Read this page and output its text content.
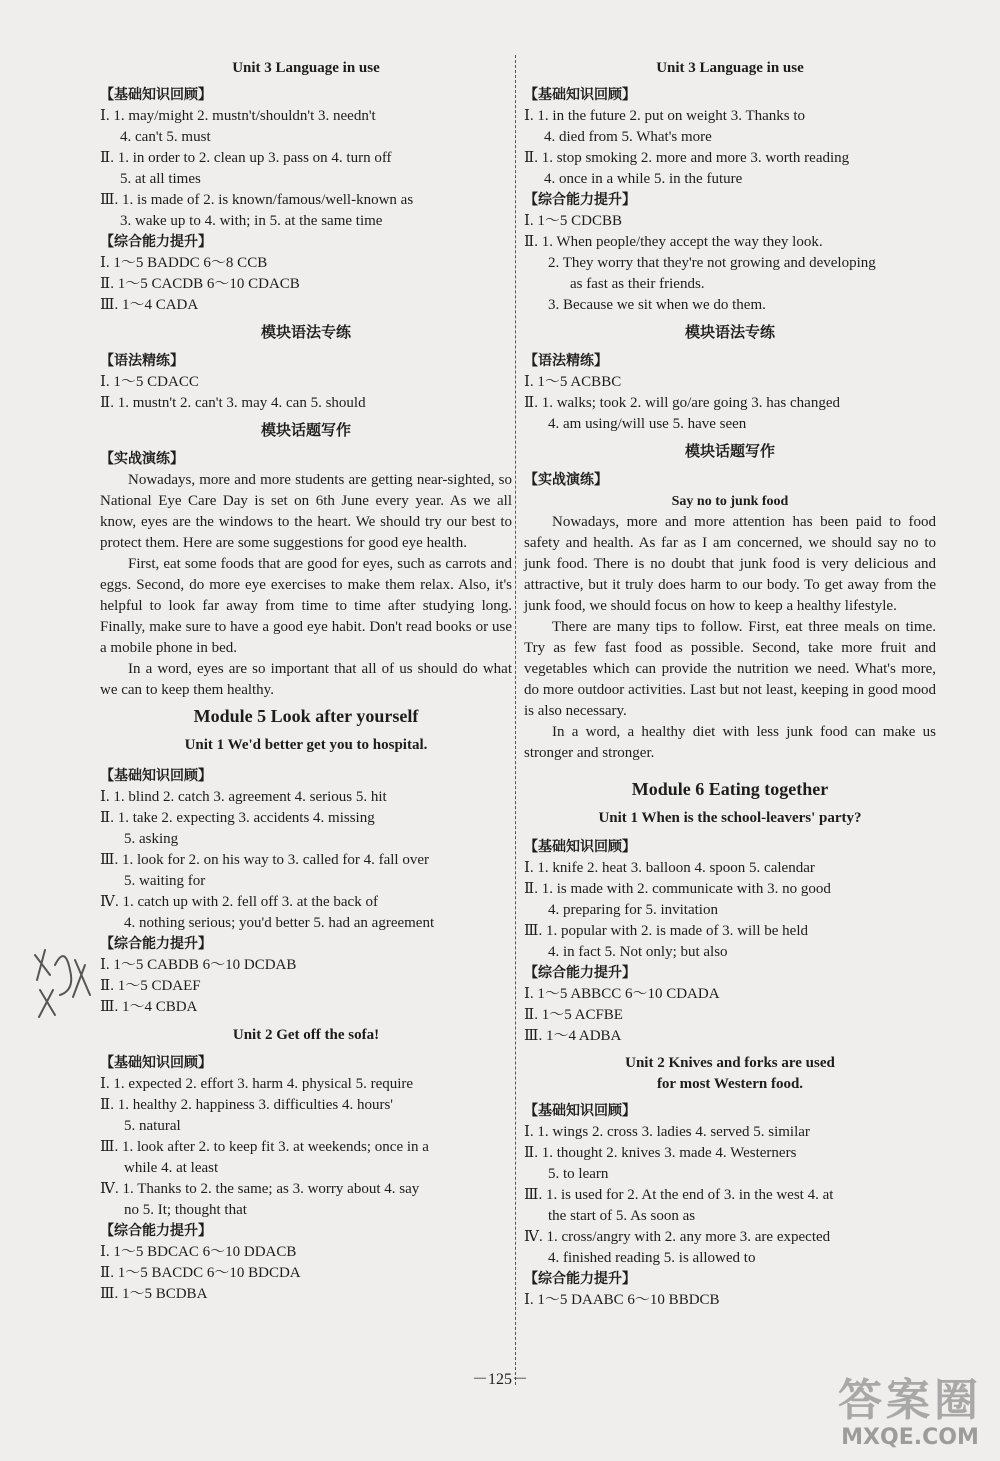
Unit 3 Language in use

【基础知识回顾】

Ⅰ. 1. may/might 2. mustn't/shouldn't 3. needn't

4. can't 5. must

Ⅱ. 1. in order to 2. clean up 3. pass on 4. turn off

5. at all times

Ⅲ. 1. is made of 2. is known/famous/well-known as

3. wake up to 4. with; in 5. at the same time

【综合能力提升】

Ⅰ. 1～5 BADDC 6～8 CCB

Ⅱ. 1～5 CACDB 6～10 CDACB

Ⅲ. 1～4 CADA

模块语法专练

【语法精练】

Ⅰ. 1～5 CDACC

Ⅱ. 1. mustn't 2. can't 3. may 4. can 5. should

模块话题写作

【实战演练】

Nowadays, more and more students are getting near-sighted, so National Eye Care Day is set on 6th June every year. As we all know, eyes are the windows to the heart. We should try our best to protect them. Here are some suggestions for good eye health.

First, eat some foods that are good for eyes, such as carrots and eggs. Second, do more eye exercises to make them relax. Also, it's helpful to look far away from time to time after studying long. Finally, make sure to have a good eye habit. Don't read books or use a mobile phone in bed.

In a word, eyes are so important that all of us should do what we can to keep them healthy.

Module 5 Look after yourself

Unit 1 We'd better get you to hospital.

【基础知识回顾】

Ⅰ. 1. blind 2. catch 3. agreement 4. serious 5. hit

Ⅱ. 1. take 2. expecting 3. accidents 4. missing

5. asking

Ⅲ. 1. look for 2. on his way to 3. called for 4. fall over

5. waiting for

Ⅳ. 1. catch up with 2. fell off 3. at the back of

4. nothing serious; you'd better 5. had an agreement

【综合能力提升】

Ⅰ. 1～5 CABDB 6～10 DCDAB

Ⅱ. 1～5 CDAEF

Ⅲ. 1～4 CBDA

Unit 2 Get off the sofa!

【基础知识回顾】

Ⅰ. 1. expected 2. effort 3. harm 4. physical 5. require

Ⅱ. 1. healthy 2. happiness 3. difficulties 4. hours'

5. natural

Ⅲ. 1. look after 2. to keep fit 3. at weekends; once in a

while 4. at least

Ⅳ. 1. Thanks to 2. the same; as 3. worry about 4. say

no 5. It; thought that

【综合能力提升】

Ⅰ. 1～5 BDCAC 6～10 DDACB

Ⅱ. 1～5 BACDC 6～10 BDCDA

Ⅲ. 1～5 BCDBA

Unit 3 Language in use

【基础知识回顾】

Ⅰ. 1. in the future 2. put on weight 3. Thanks to

4. died from 5. What's more

Ⅱ. 1. stop smoking 2. more and more 3. worth reading

4. once in a while 5. in the future

【综合能力提升】

Ⅰ. 1～5 CDCBB

Ⅱ. 1. When people/they accept the way they look.

2. They worry that they're not growing and developing

as fast as their friends.

3. Because we sit when we do them.

模块语法专练

【语法精练】

Ⅰ. 1～5 ACBBC

Ⅱ. 1. walks; took 2. will go/are going 3. has changed

4. am using/will use 5. have seen

模块话题写作

【实战演练】

Say no to junk food

Nowadays, more and more attention has been paid to food safety and health. As far as I am concerned, we should say no to junk food. There is no doubt that junk food is very delicious and attractive, but it truly does harm to our body. To get away from the junk food, we should focus on how to keep a healthy lifestyle.

There are many tips to follow. First, eat three meals on time. Try as few fast food as possible. Second, take more fruit and vegetables which can provide the nutrition we need. What's more, do more outdoor activities. Last but not least, keeping in good mood is also necessary.

In a word, a healthy diet with less junk food can make us stronger and stronger.

Module 6 Eating together

Unit 1 When is the school-leavers' party?

【基础知识回顾】

Ⅰ. 1. knife 2. heat 3. balloon 4. spoon 5. calendar

Ⅱ. 1. is made with 2. communicate with 3. no good

4. preparing for 5. invitation

Ⅲ. 1. popular with 2. is made of 3. will be held

4. in fact 5. Not only; but also

【综合能力提升】

Ⅰ. 1～5 ABBCC 6～10 CDADA

Ⅱ. 1～5 ACFBE

Ⅲ. 1～4 ADBA

Unit 2 Knives and forks are used

for most Western food.

【基础知识回顾】

Ⅰ. 1. wings 2. cross 3. ladies 4. served 5. similar

Ⅱ. 1. thought 2. knives 3. made 4. Westerners

5. to learn

Ⅲ. 1. is used for 2. At the end of 3. in the west 4. at

the start of 5. As soon as

Ⅳ. 1. cross/angry with 2. any more 3. are expected

4. finished reading 5. is allowed to

【综合能力提升】

Ⅰ. 1～5 DAABC 6～10 BBDCB

－125－	答案圈
MXQE.COM
